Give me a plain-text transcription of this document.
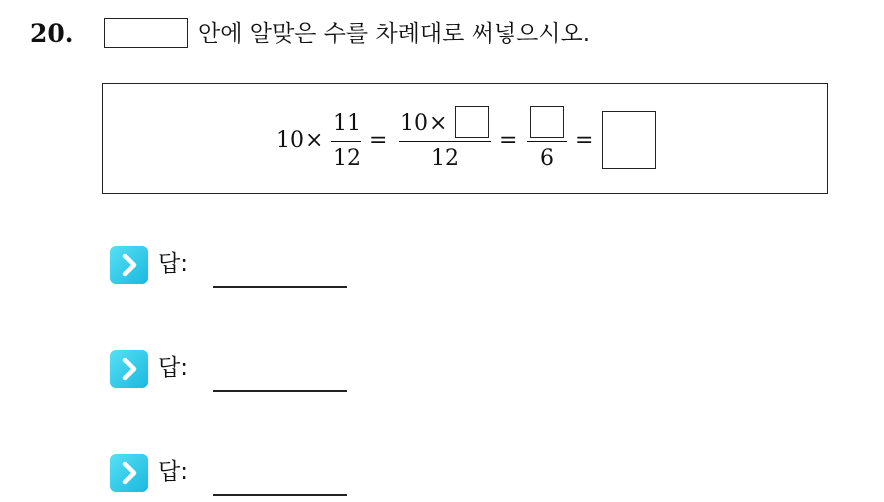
20.	안에 알맞은 수를 차례대로 써넣으시오.
10 ×
11
12
=
10 ×
12
=
6
=
답:
답:
답:
